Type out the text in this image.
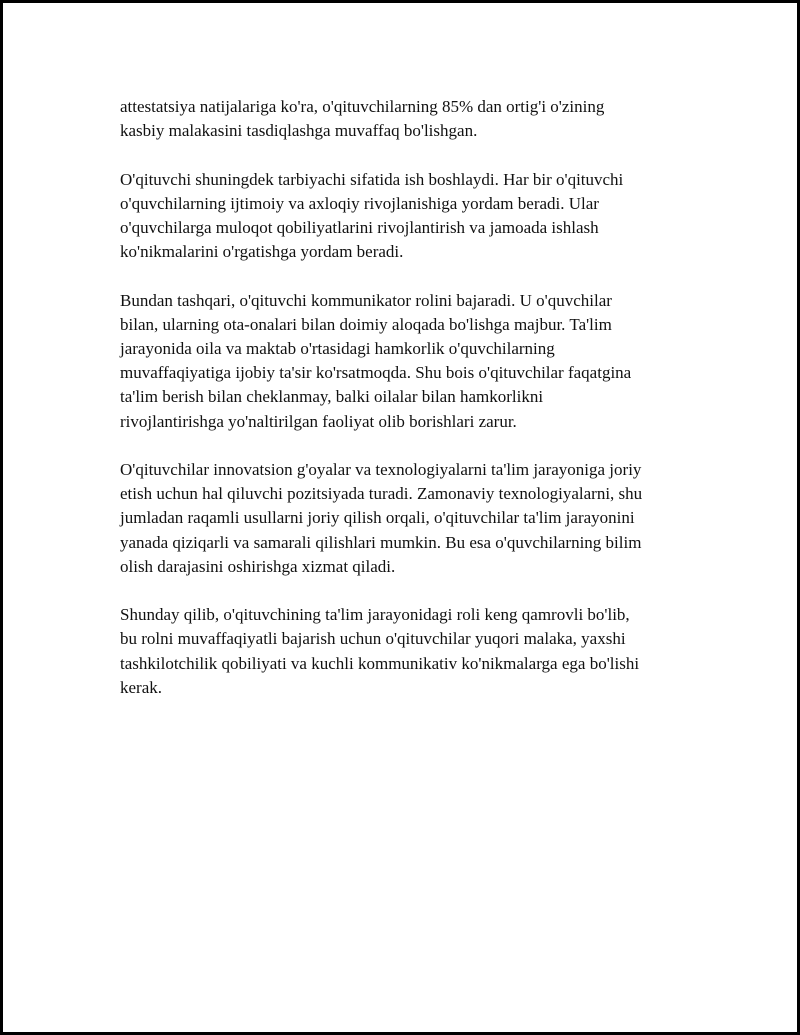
attestatsiya natijalariga ko'ra, o'qituvchilarning 85% dan ortig'i o'zining
kasbiy malakasini tasdiqlashga muvaffaq bo'lishgan.

O'qituvchi shuningdek tarbiyachi sifatida ish boshlaydi. Har bir o'qituvchi
o'quvchilarning ijtimoiy va axloqiy rivojlanishiga yordam beradi. Ular
o'quvchilarga muloqot qobiliyatlarini rivojlantirish va jamoada ishlash
ko'nikmalarini o'rgatishga yordam beradi.

Bundan tashqari, o'qituvchi kommunikator rolini bajaradi. U o'quvchilar
bilan, ularning ota-onalari bilan doimiy aloqada bo'lishga majbur. Ta'lim
jarayonida oila va maktab o'rtasidagi hamkorlik o'quvchilarning
muvaffaqiyatiga ijobiy ta'sir ko'rsatmoqda. Shu bois o'qituvchilar faqatgina
ta'lim berish bilan cheklanmay, balki oilalar bilan hamkorlikni
rivojlantirishga yo'naltirilgan faoliyat olib borishlari zarur.

O'qituvchilar innovatsion g'oyalar va texnologiyalarni ta'lim jarayoniga joriy
etish uchun hal qiluvchi pozitsiyada turadi. Zamonaviy texnologiyalarni, shu
jumladan raqamli usullarni joriy qilish orqali, o'qituvchilar ta'lim jarayonini
yanada qiziqarli va samarali qilishlari mumkin. Bu esa o'quvchilarning bilim
olish darajasini oshirishga xizmat qiladi.

Shunday qilib, o'qituvchining ta'lim jarayonidagi roli keng qamrovli bo'lib,
bu rolni muvaffaqiyatli bajarish uchun o'qituvchilar yuqori malaka, yaxshi
tashkilotchilik qobiliyati va kuchli kommunikativ ko'nikmalarga ega bo'lishi
kerak.
